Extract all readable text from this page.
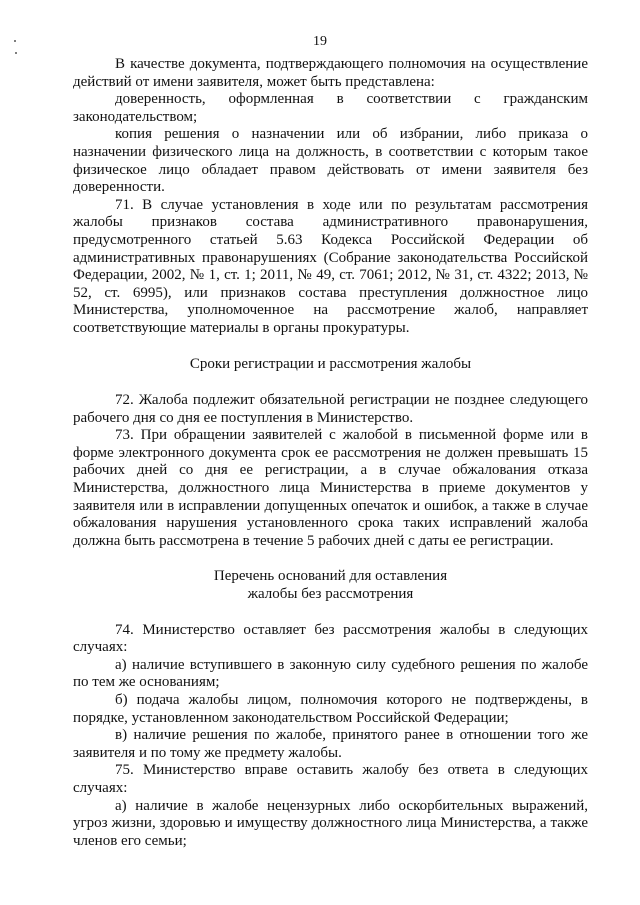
19

В качестве документа, подтверждающего полномочия на осуществление действий от имени заявителя, может быть представлена:

доверенность, оформленная в соответствии с гражданским законодательством;

копия решения о назначении или об избрании, либо приказа о назначении физического лица на должность, в соответствии с которым такое физическое лицо обладает правом действовать от имени заявителя без доверенности.

71. В случае установления в ходе или по результатам рассмотрения жалобы признаков состава административного правонарушения, предусмотренного статьей 5.63 Кодекса Российской Федерации об административных правонарушениях (Собрание законодательства Российской Федерации, 2002, № 1, ст. 1; 2011, № 49, ст. 7061; 2012, № 31, ст. 4322; 2013, № 52, ст. 6995), или признаков состава преступления должностное лицо Министерства, уполномоченное на рассмотрение жалоб, направляет соответствующие материалы в органы прокуратуры.

Сроки регистрации и рассмотрения жалобы

72. Жалоба подлежит обязательной регистрации не позднее следующего рабочего дня со дня ее поступления в Министерство.

73. При обращении заявителей с жалобой в письменной форме или в форме электронного документа срок ее рассмотрения не должен превышать 15 рабочих дней со дня ее регистрации, а в случае обжалования отказа Министерства, должностного лица Министерства в приеме документов у заявителя или в исправлении допущенных опечаток и ошибок, а также в случае обжалования нарушения установленного срока таких исправлений жалоба должна быть рассмотрена в течение 5 рабочих дней с даты ее регистрации.

Перечень оснований для оставления

жалобы без рассмотрения

74. Министерство оставляет без рассмотрения жалобы в следующих случаях:

а) наличие вступившего в законную силу судебного решения по жалобе по тем же основаниям;

б) подача жалобы лицом, полномочия которого не подтверждены, в порядке, установленном законодательством Российской Федерации;

в) наличие решения по жалобе, принятого ранее в отношении того же заявителя и по тому же предмету жалобы.

75. Министерство вправе оставить жалобу без ответа в следующих случаях:

а) наличие в жалобе нецензурных либо оскорбительных выражений, угроз жизни, здоровью и имуществу должностного лица Министерства, а также членов его семьи;
